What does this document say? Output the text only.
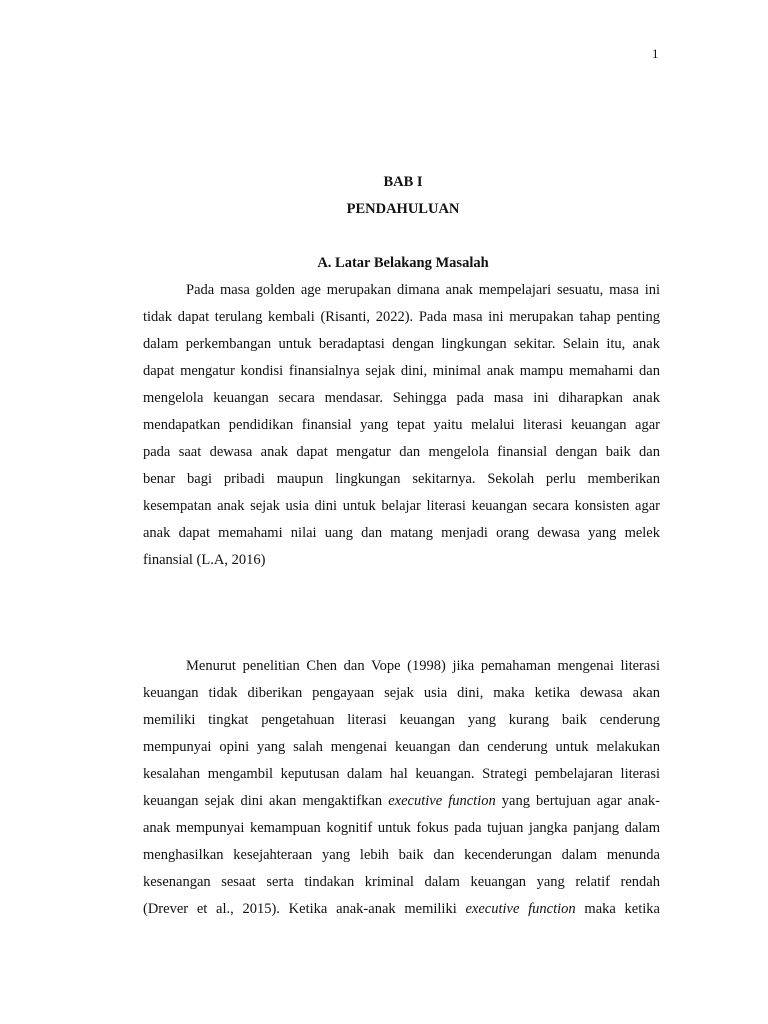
1
BAB I
PENDAHULUAN
A. Latar Belakang Masalah
Pada masa golden age merupakan dimana anak mempelajari sesuatu, masa ini
tidak dapat terulang kembali (Risanti, 2022). Pada masa ini merupakan tahap penting
dalam perkembangan untuk beradaptasi dengan lingkungan sekitar. Selain itu, anak
dapat mengatur kondisi finansialnya sejak dini, minimal anak mampu memahami dan
mengelola keuangan secara mendasar. Sehingga pada masa ini diharapkan anak
mendapatkan pendidikan finansial yang tepat yaitu melalui literasi keuangan agar
pada saat dewasa anak dapat mengatur dan mengelola finansial dengan baik dan
benar bagi pribadi maupun lingkungan sekitarnya. Sekolah perlu memberikan
kesempatan anak sejak usia dini untuk belajar literasi keuangan secara konsisten agar
anak dapat memahami nilai uang dan matang menjadi orang dewasa yang melek
finansial (L.A, 2016)
Menurut penelitian Chen dan Vope (1998) jika pemahaman mengenai literasi
keuangan tidak diberikan pengayaan sejak usia dini, maka ketika dewasa akan
memiliki tingkat pengetahuan literasi keuangan yang kurang baik cenderung
mempunyai opini yang salah mengenai keuangan dan cenderung untuk melakukan
kesalahan mengambil keputusan dalam hal keuangan. Strategi pembelajaran literasi
keuangan sejak dini akan mengaktifkan executive function yang bertujuan agar anak-
anak mempunyai kemampuan kognitif untuk fokus pada tujuan jangka panjang dalam
menghasilkan kesejahteraan yang lebih baik dan kecenderungan dalam menunda
kesenangan sesaat serta tindakan kriminal dalam keuangan yang relatif rendah
(Drever et al., 2015). Ketika anak-anak memiliki executive function maka ketika
